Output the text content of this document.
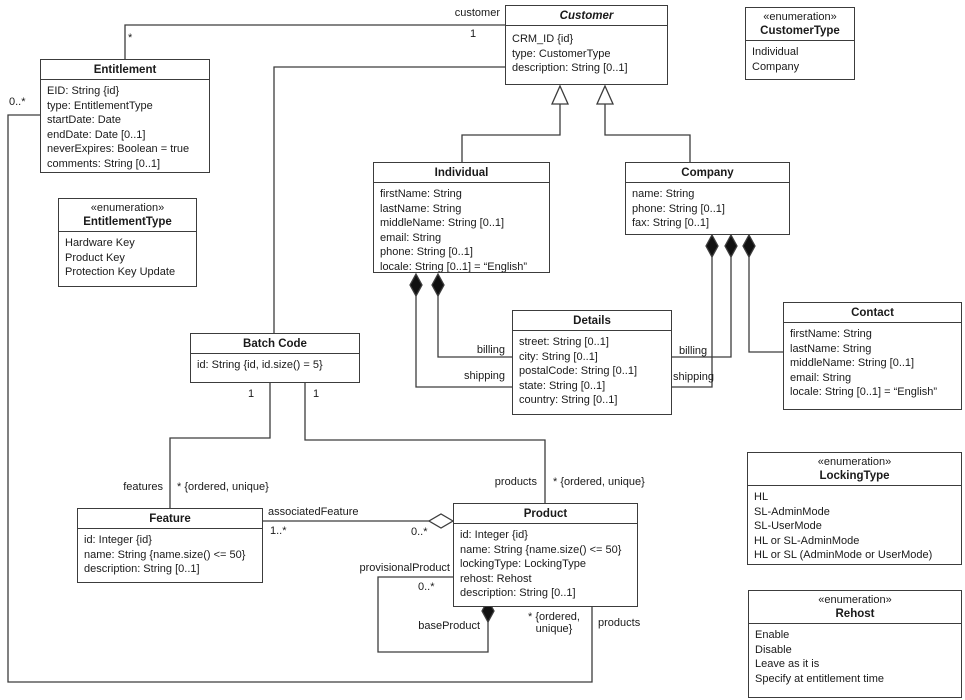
Entitlement
EID: String {id}
type: EntitlementType
startDate: Date
endDate: Date [0..1]
neverExpires: Boolean = true
comments: String [0..1]
Customer
CRM_ID {id}
type: CustomerType
description: String [0..1]
«enumeration»
CustomerType
Individual
Company
«enumeration»
EntitlementType
Hardware Key
Product Key
Protection Key Update
Individual
firstName: String
lastName: String
middleName: String [0..1]
email: String
phone: String [0..1]
locale: String [0..1] = “English”
Company
name: String
phone: String [0..1]
fax: String [0..1]
Details
street: String [0..1]
city: String [0..1]
postalCode: String [0..1]
state: String [0..1]
country: String [0..1]
Contact
firstName: String
lastName: String
middleName: String [0..1]
email: String
locale: String [0..1] = “English”
Batch Code
id: String {id, id.size() = 5}
Feature
id: Integer {id}
name: String {name.size() <= 50}
description: String [0..1]
Product
id: Integer {id}
name: String {name.size() <= 50}
lockingType: LockingType
rehost: Rehost
description: String [0..1]
«enumeration»
LockingType
HL
SL-AdminMode
SL-UserMode
HL or SL-AdminMode
HL or SL (AdminMode or UserMode)
«enumeration»
Rehost
Enable
Disable
Leave as it is
Specify at entitlement time
customer
1
*
0..*
billing
shipping
billing
shipping
1	1
features * {ordered, unique}	products * {ordered, unique}
associatedFeature
1..*	0..*
provisionalProduct
0..*
baseProduct
* {ordered, unique}	products
